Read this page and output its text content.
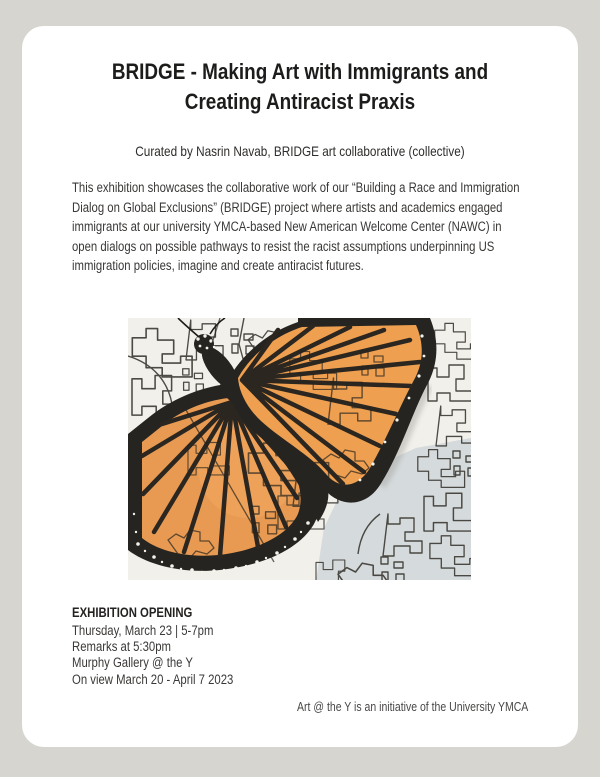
BRIDGE - Making Art with Immigrants and
Creating Antiracist Praxis

Curated by Nasrin Navab, BRIDGE art collaborative (collective)

This exhibition showcases the collaborative work of our “Building a Race and Immigration Dialog on Global Exclusions” (BRIDGE) project where artists and academics engaged immigrants at our university YMCA-based New American Welcome Center (NAWC) in open dialogs on possible pathways to resist the racist assumptions underpinning US immigration policies, imagine and create antiracist futures.

EXHIBITION OPENING
Thursday, March 23 | 5-7pm
Remarks at 5:30pm
Murphy Gallery @ the Y
On view March 20 - April 7 2023
Art @ the Y is an initiative of the University YMCA
